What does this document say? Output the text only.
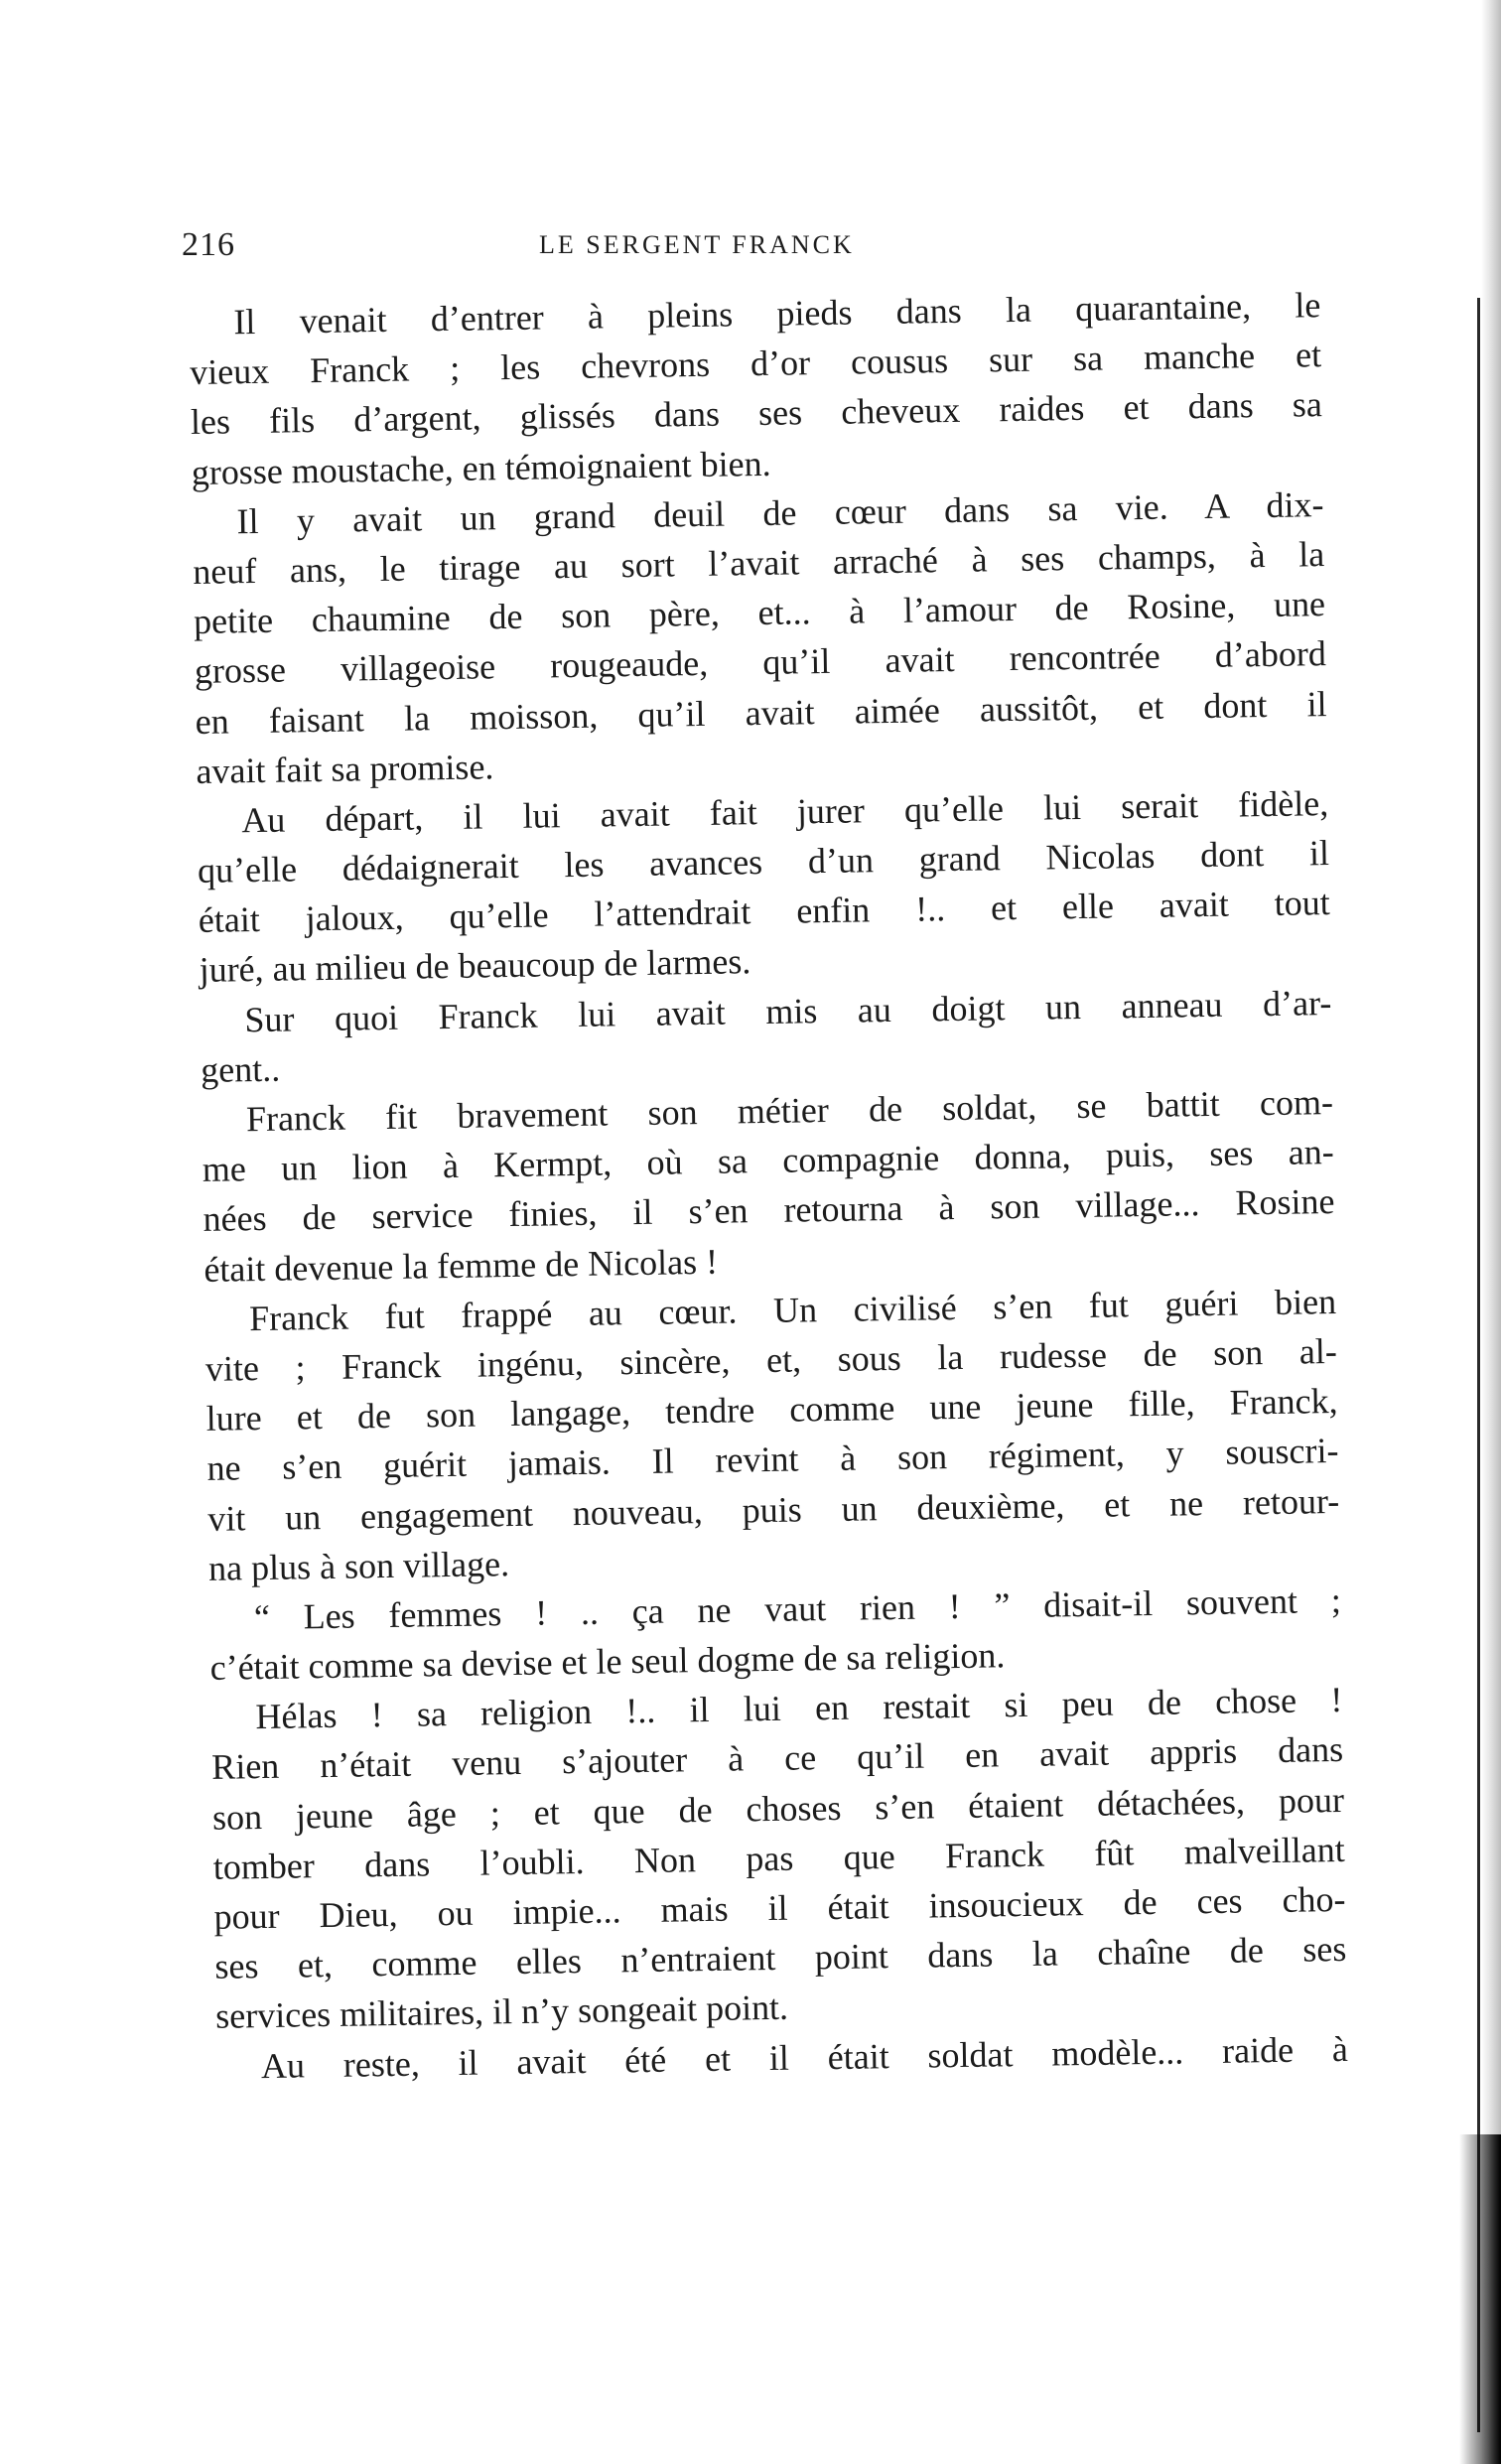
216	LE SERGENT FRANCK
Il venait d’entrer à pleins pieds dans la quarantaine, le
vieux Franck ; les chevrons d’or cousus sur sa manche et
les fils d’argent, glissés dans ses cheveux raides et dans sa
grosse moustache, en témoignaient bien.
Il y avait un grand deuil de cœur dans sa vie. A dix-
neuf ans, le tirage au sort l’avait arraché à ses champs, à la
petite chaumine de son père, et... à l’amour de Rosine, une
grosse villageoise rougeaude, qu’il avait rencontrée d’abord
en faisant la moisson, qu’il avait aimée aussitôt, et dont il
avait fait sa promise.
Au départ, il lui avait fait jurer qu’elle lui serait fidèle,
qu’elle dédaignerait les avances d’un grand Nicolas dont il
était jaloux, qu’elle l’attendrait enfin !.. et elle avait tout
juré, au milieu de beaucoup de larmes.
Sur quoi Franck lui avait mis au doigt un anneau d’ar-
gent..
Franck fit bravement son métier de soldat, se battit com-
me un lion à Kermpt, où sa compagnie donna, puis, ses an-
nées de service finies, il s’en retourna à son village... Rosine
était devenue la femme de Nicolas !
Franck fut frappé au cœur. Un civilisé s’en fut guéri bien
vite ; Franck ingénu, sincère, et, sous la rudesse de son al-
lure et de son langage, tendre comme une jeune fille, Franck,
ne s’en guérit jamais. Il revint à son régiment, y souscri-
vit un engagement nouveau, puis un deuxième, et ne retour-
na plus à son village.
“ Les femmes ! .. ça ne vaut rien ! ” disait-il souvent ;
c’était comme sa devise et le seul dogme de sa religion.
Hélas ! sa religion !.. il lui en restait si peu de chose !
Rien n’était venu s’ajouter à ce qu’il en avait appris dans
son jeune âge ; et que de choses s’en étaient détachées, pour
tomber dans l’oubli. Non pas que Franck fût malveillant
pour Dieu, ou impie... mais il était insoucieux de ces cho-
ses et, comme elles n’entraient point dans la chaîne de ses
services militaires, il n’y songeait point.
Au reste, il avait été et il était soldat modèle... raide à
